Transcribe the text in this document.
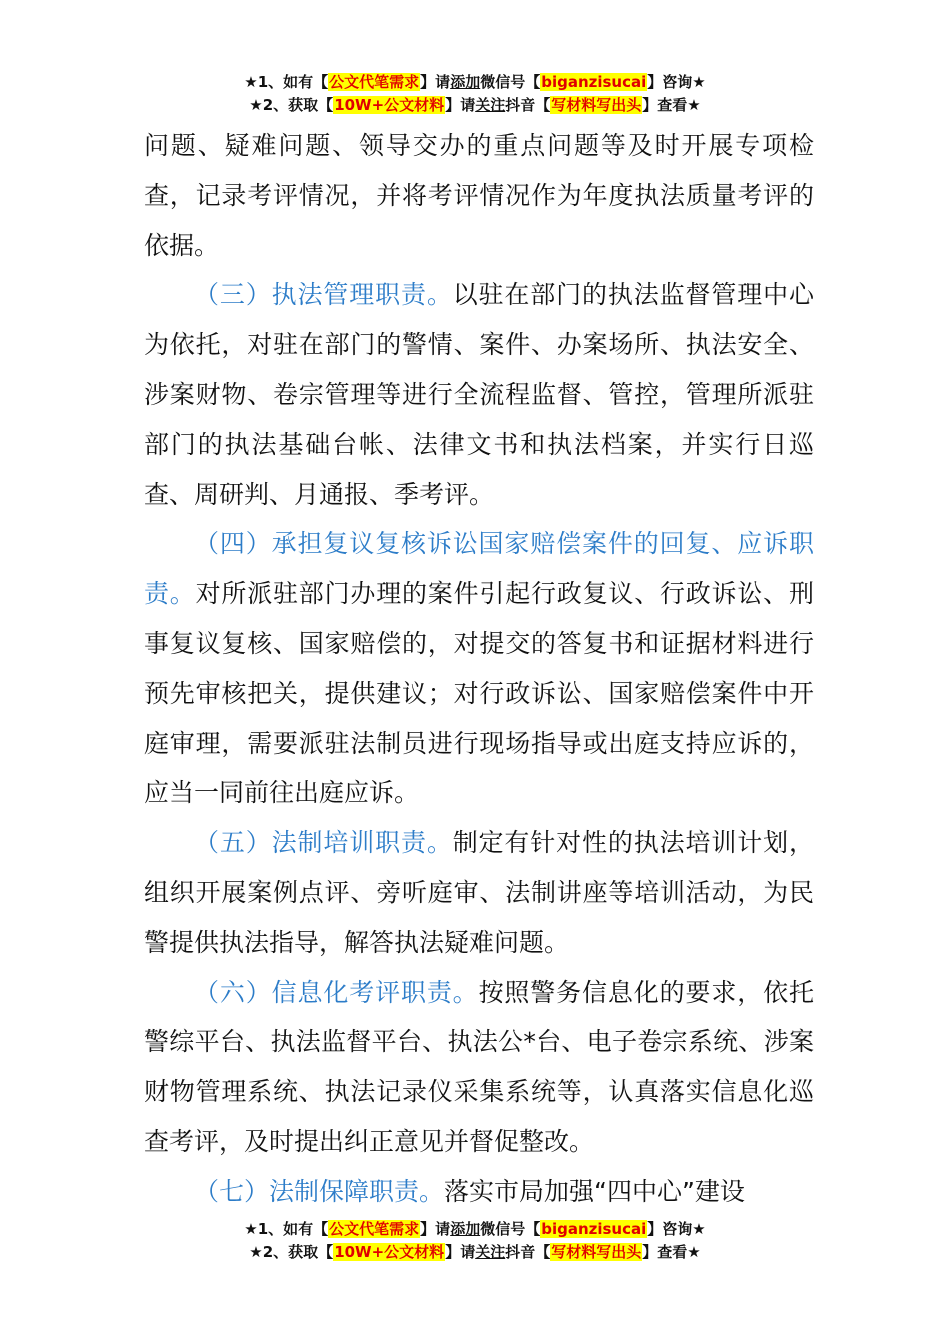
★1、如有【公文代笔需求】请添加微信号【biganzisucai】咨询★
★2、获取【10W+公文材料】请关注抖音【写材料写出头】查看★

问题、疑难问题、领导交办的重点问题等及时开展专项检查，记录考评情况，并将考评情况作为年度执法质量考评的依据。

（三）执法管理职责。以驻在部门的执法监督管理中心为依托，对驻在部门的警情、案件、办案场所、执法安全、涉案财物、卷宗管理等进行全流程监督、管控，管理所派驻部门的执法基础台帐、法律文书和执法档案，并实行日巡查、周研判、月通报、季考评。

（四）承担复议复核诉讼国家赔偿案件的回复、应诉职责。对所派驻部门办理的案件引起行政复议、行政诉讼、刑事复议复核、国家赔偿的，对提交的答复书和证据材料进行预先审核把关，提供建议；对行政诉讼、国家赔偿案件中开庭审理，需要派驻法制员进行现场指导或出庭支持应诉的，应当一同前往出庭应诉。

（五）法制培训职责。制定有针对性的执法培训计划，组织开展案例点评、旁听庭审、法制讲座等培训活动，为民警提供执法指导，解答执法疑难问题。

（六）信息化考评职责。按照警务信息化的要求，依托警综平台、执法监督平台、执法公*台、电子卷宗系统、涉案财物管理系统、执法记录仪采集系统等，认真落实信息化巡查考评，及时提出纠正意见并督促整改。

（七）法制保障职责。落实市局加强“四中心”建设

★1、如有【公文代笔需求】请添加微信号【biganzisucai】咨询★
★2、获取【10W+公文材料】请关注抖音【写材料写出头】查看★
